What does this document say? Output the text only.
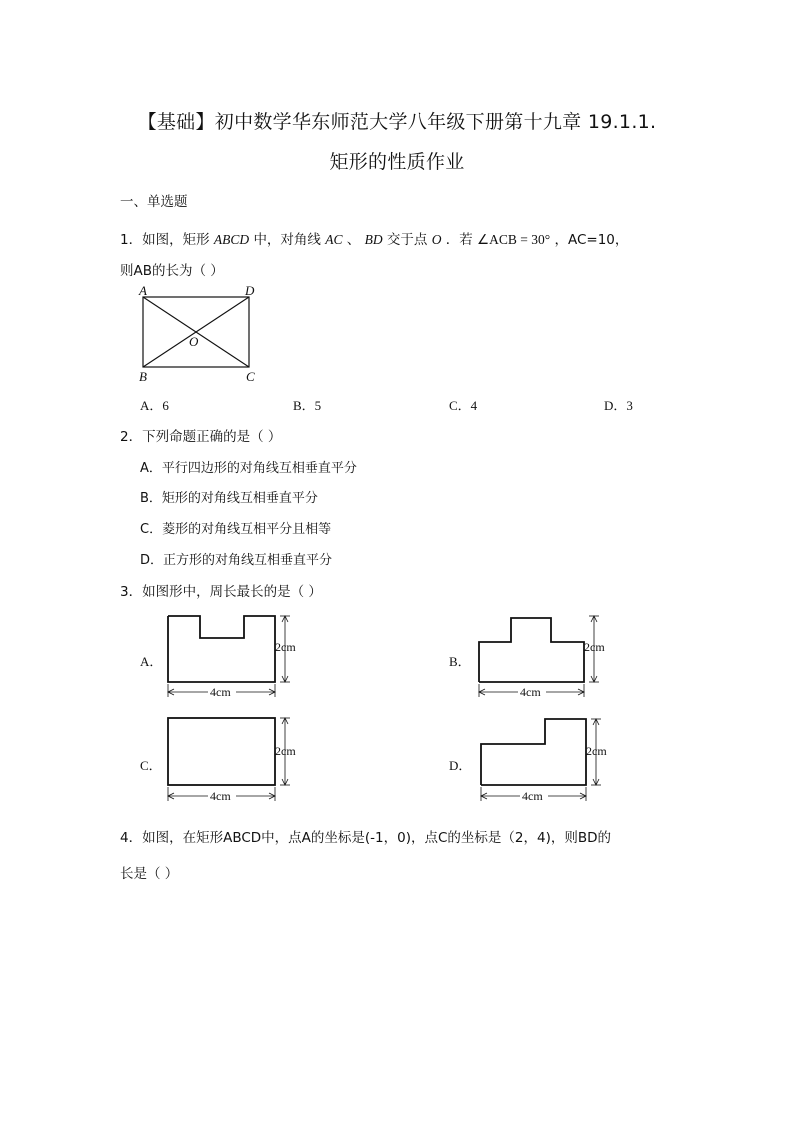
【基础】初中数学华东师范大学八年级下册第十九章 19.1.1.
矩形的性质作业
一、单选题
1．如图，矩形 ABCD 中，对角线 AC 、 BD 交于点 O ．若 ∠ACB = 30° ，AC=10，
则AB的长为（ ）
A	D
B	C
O
A．6	B．5	C．4	D．3
2．下列命题正确的是（ ）
A．平行四边形的对角线互相垂直平分
B．矩形的对角线互相垂直平分
C．菱形的对角线互相平分且相等
D．正方形的对角线互相垂直平分
3．如图形中，周长最长的是（ ）
A．	B．
C．	D．
2cm
4cm
2cm
4cm
2cm
4cm
2cm
4cm
4．如图，在矩形ABCD中，点A的坐标是(-1，0)，点C的坐标是（2，4)，则BD的
长是（ ）
